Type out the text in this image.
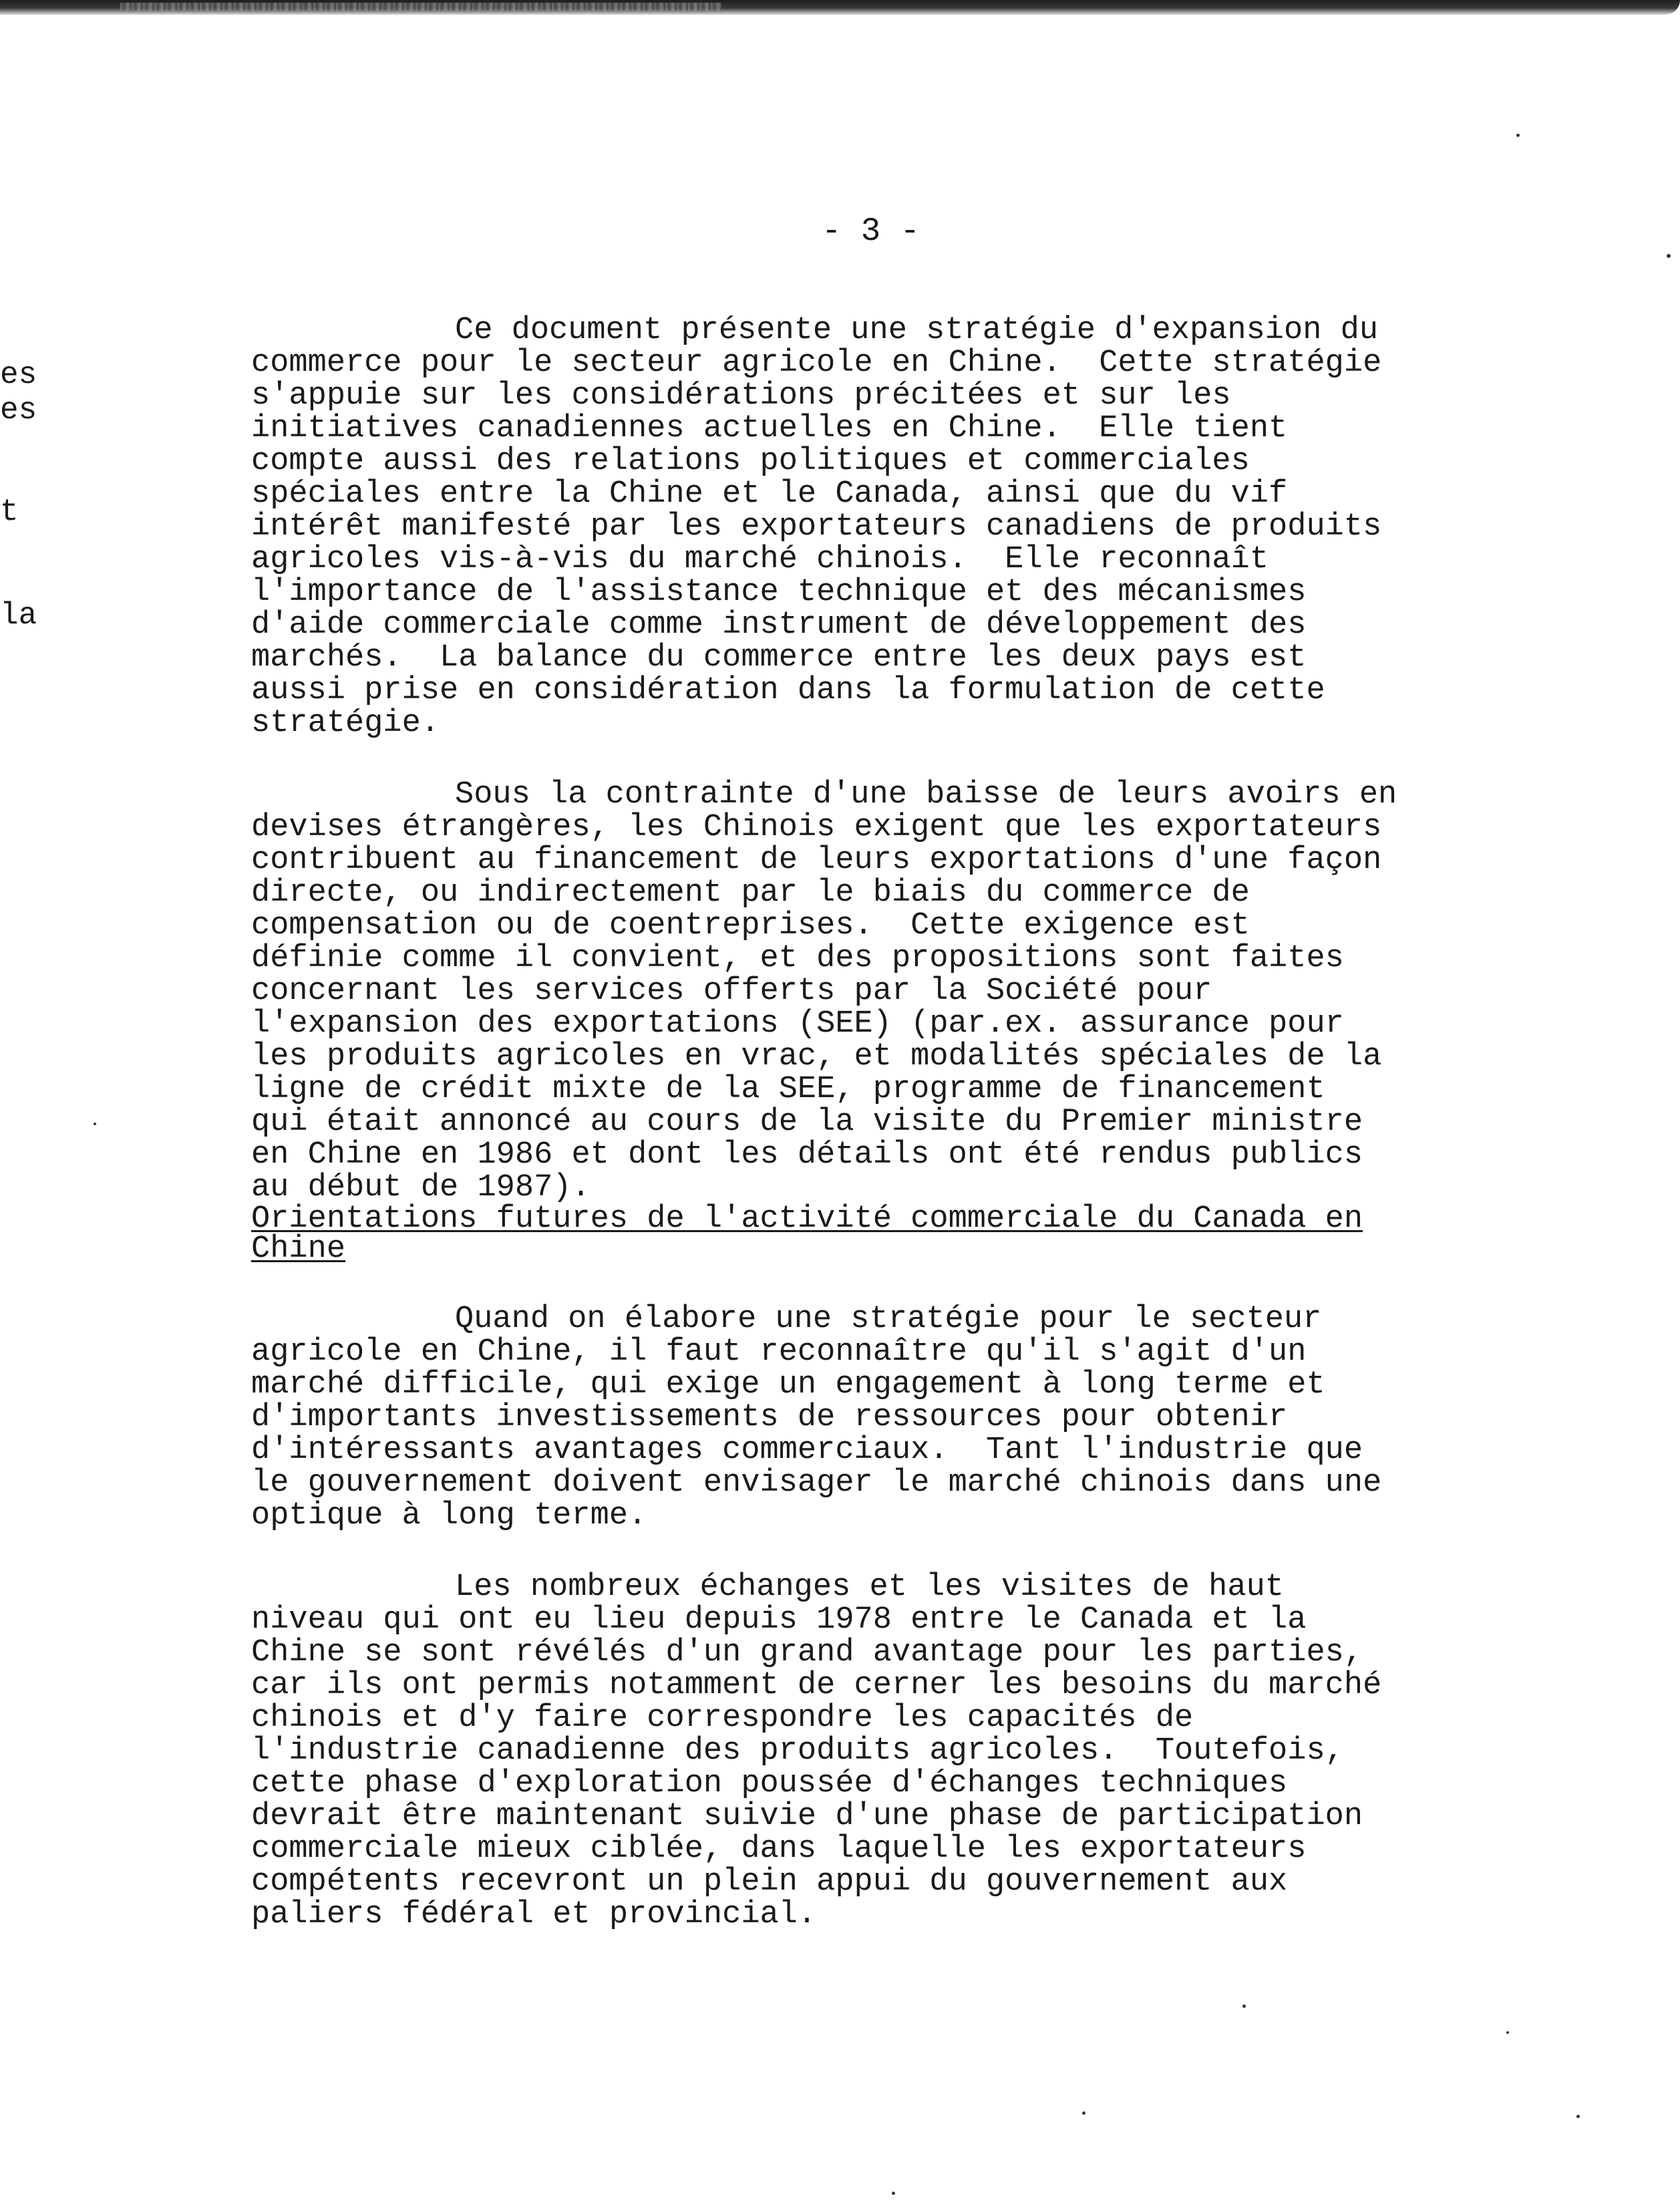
- 3 -
es
es
t
la
Ce document présente une stratégie d'expansion du
commerce pour le secteur agricole en Chine.  Cette stratégie
s'appuie sur les considérations précitées et sur les
initiatives canadiennes actuelles en Chine.  Elle tient
compte aussi des relations politiques et commerciales
spéciales entre la Chine et le Canada, ainsi que du vif
intérêt manifesté par les exportateurs canadiens de produits
agricoles vis-à-vis du marché chinois.  Elle reconnaît
l'importance de l'assistance technique et des mécanismes
d'aide commerciale comme instrument de développement des
marchés.  La balance du commerce entre les deux pays est
aussi prise en considération dans la formulation de cette
stratégie.
Sous la contrainte d'une baisse de leurs avoirs en
devises étrangères, les Chinois exigent que les exportateurs
contribuent au financement de leurs exportations d'une façon
directe, ou indirectement par le biais du commerce de
compensation ou de coentreprises.  Cette exigence est
définie comme il convient, et des propositions sont faites
concernant les services offerts par la Société pour
l'expansion des exportations (SEE) (par.ex. assurance pour
les produits agricoles en vrac, et modalités spéciales de la
ligne de crédit mixte de la SEE, programme de financement
qui était annoncé au cours de la visite du Premier ministre
en Chine en 1986 et dont les détails ont été rendus publics
au début de 1987).
Orientations futures de l'activité commerciale du Canada en
Chine
Quand on élabore une stratégie pour le secteur
agricole en Chine, il faut reconnaître qu'il s'agit d'un
marché difficile, qui exige un engagement à long terme et
d'importants investissements de ressources pour obtenir
d'intéressants avantages commerciaux.  Tant l'industrie que
le gouvernement doivent envisager le marché chinois dans une
optique à long terme.
Les nombreux échanges et les visites de haut
niveau qui ont eu lieu depuis 1978 entre le Canada et la
Chine se sont révélés d'un grand avantage pour les parties,
car ils ont permis notamment de cerner les besoins du marché
chinois et d'y faire correspondre les capacités de
l'industrie canadienne des produits agricoles.  Toutefois,
cette phase d'exploration poussée d'échanges techniques
devrait être maintenant suivie d'une phase de participation
commerciale mieux ciblée, dans laquelle les exportateurs
compétents recevront un plein appui du gouvernement aux
paliers fédéral et provincial.
